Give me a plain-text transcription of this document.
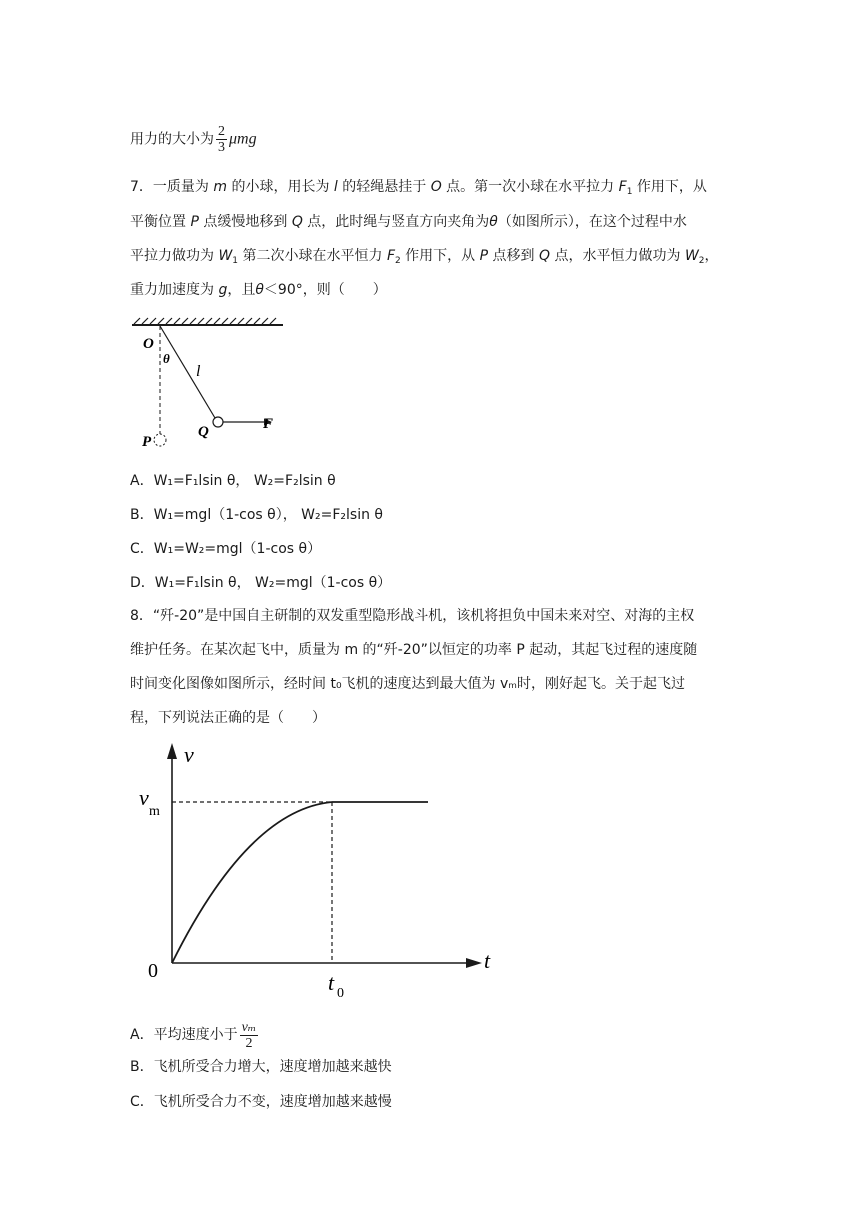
用力的大小为 $\frac{2}{3}$ μmg
7．一质量为 m 的小球，用长为 l 的轻绳悬挂于 O 点。第一次小球在水平拉力 $F_1$ 作用下，从
平衡位置 P 点缓慢地移到 Q 点，此时绳与竖直方向夹角为θ（如图所示），在这个过程中水
平拉力做功为 $W_1$ 第二次小球在水平恒力 $F_2$ 作用下，从 P 点移到 Q 点，水平恒力做功为 $W_2$，
重力加速度为 g，且θ＜90°，则（　　）
O
θ
l
Q	F
P
A．W₁=F₁lsin θ， W₂=F₂lsin θ
B．W₁=mgl（1-cos θ）， W₂=F₂lsin θ
C．W₁=W₂=mgl（1-cos θ）
D．W₁=F₁lsin θ， W₂=mgl（1-cos θ）
8．“歼-20”是中国自主研制的双发重型隐形战斗机，该机将担负中国未来对空、对海的主权
维护任务。在某次起飞中，质量为 m 的“歼-20”以恒定的功率 P 起动，其起飞过程的速度随
时间变化图像如图所示，经时间 t₀飞机的速度达到最大值为 vₘ时，刚好起飞。关于起飞过
程，下列说法正确的是（　　）
v
v
m
0	t
t 0
A．平均速度小于 $\frac{\text{vₘ}}{2}$
B．飞机所受合力增大，速度增加越来越快
C．飞机所受合力不变，速度增加越来越慢
